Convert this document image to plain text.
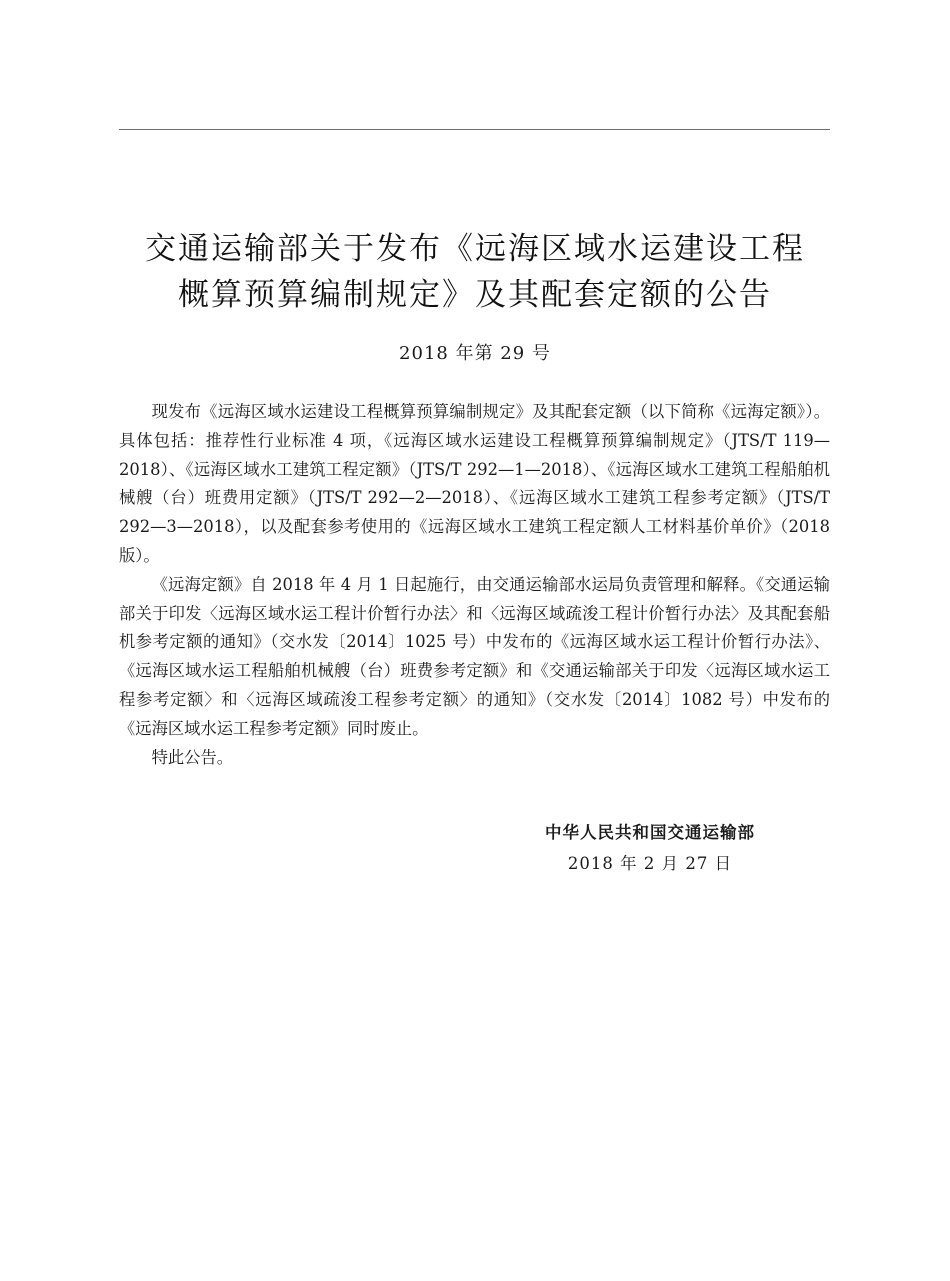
交通运输部关于发布《远海区域水运建设工程
概算预算编制规定》及其配套定额的公告
2018 年第 29 号

现发布《远海区域水运建设工程概算预算编制规定》及其配套定额（以下简称《远海定额》）。具体包括：推荐性行业标准 4 项，《远海区域水运建设工程概算预算编制规定》（JTS/T 119—2018）、《远海区域水工建筑工程定额》（JTS/T 292—1—2018）、《远海区域水工建筑工程船舶机械艘（台）班费用定额》（JTS/T 292—2—2018）、《远海区域水工建筑工程参考定额》（JTS/T 292—3—2018），以及配套参考使用的《远海区域水工建筑工程定额人工材料基价单价》（2018 版）。

《远海定额》自 2018 年 4 月 1 日起施行，由交通运输部水运局负责管理和解释。《交通运输部关于印发〈远海区域水运工程计价暂行办法〉和〈远海区域疏浚工程计价暂行办法〉及其配套船机参考定额的通知》（交水发〔2014〕1025 号）中发布的《远海区域水运工程计价暂行办法》、《远海区域水运工程船舶机械艘（台）班费参考定额》和《交通运输部关于印发〈远海区域水运工程参考定额〉和〈远海区域疏浚工程参考定额〉的通知》（交水发〔2014〕1082 号）中发布的《远海区域水运工程参考定额》同时废止。

特此公告。

中华人民共和国交通运输部
2018 年 2 月 27 日
